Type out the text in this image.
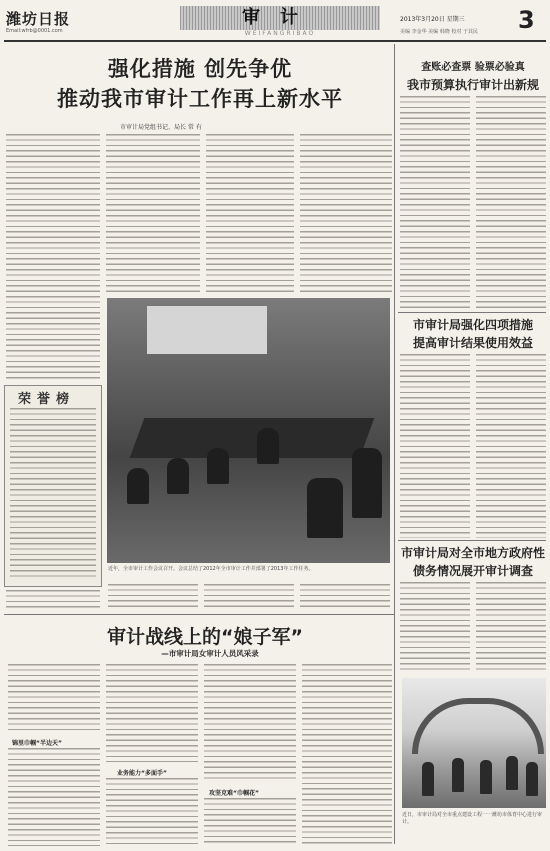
潍坊日报
Email:wfrb@0001.com
审计
WEIFANGRIBAO
2013年3月20日 星期三
美编 李金华 美编 韩晓 校对 于其民 3
强化措施 创先争优
推动我市审计工作再上新水平
市审计局党组书记、局长 常 有
荣誉榜
近年，全市审计工作会议召开。会议总结了2012年全市审计工作并部署了2013年工作任务。
查账必查票 验票必验真
我市预算执行审计出新规
市审计局强化四项措施
提高审计结果使用效益
市审计局对全市地方政府性
债务情况展开审计调查
审计战线上的“娘子军”
—市审计局女审计人员风采录
锦里巾帼“半边天”
业务能力“多面手”
攻坚克难“巾帼花”
近日，市审计局对全市重点建设工程一一潍坊市体育中心进行审计。
